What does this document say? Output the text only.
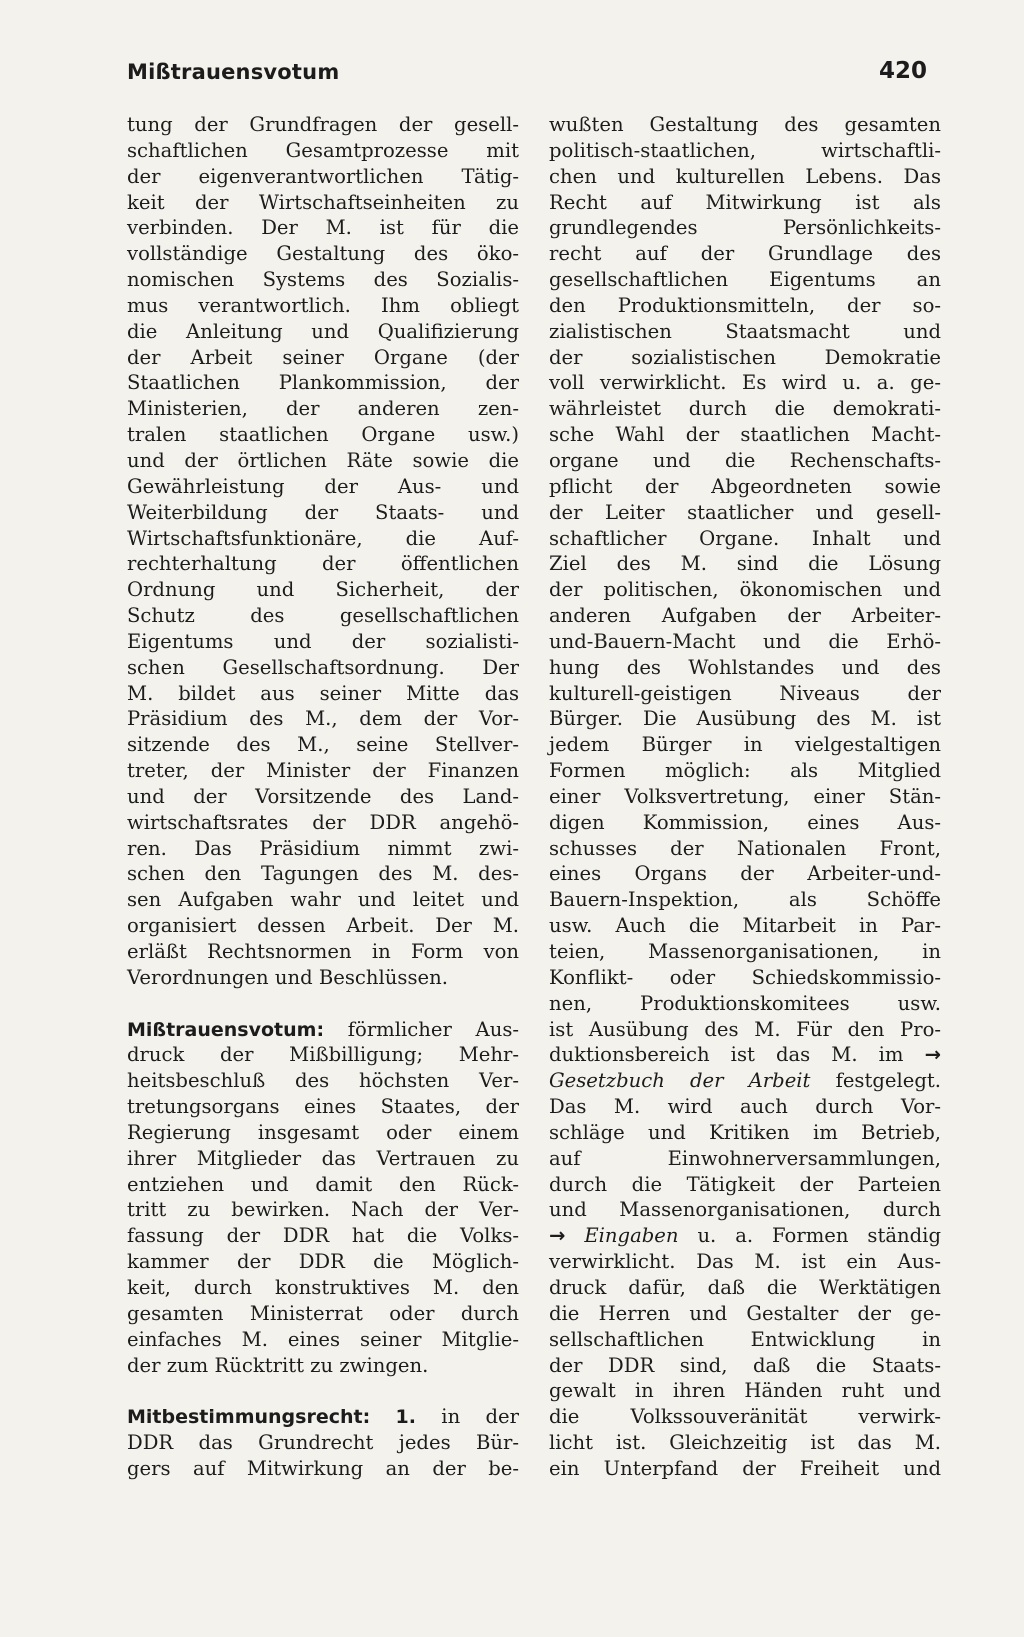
Mißtrauensvotum	420
tung der Grundfragen der gesell-
schaftlichen Gesamtprozesse mit
der eigenverantwortlichen Tätig-
keit der Wirtschaftseinheiten zu
verbinden. Der M. ist für die
vollständige Gestaltung des öko-
nomischen Systems des Sozialis-
mus verantwortlich. Ihm obliegt
die Anleitung und Qualifizierung
der Arbeit seiner Organe (der
Staatlichen Plankommission, der
Ministerien, der anderen zen-
tralen staatlichen Organe usw.)
und der örtlichen Räte sowie die
Gewährleistung der Aus- und
Weiterbildung der Staats- und
Wirtschaftsfunktionäre, die Auf-
rechterhaltung der öffentlichen
Ordnung und Sicherheit, der
Schutz des gesellschaftlichen
Eigentums und der sozialisti-
schen Gesellschaftsordnung. Der
M. bildet aus seiner Mitte das
Präsidium des M., dem der Vor-
sitzende des M., seine Stellver-
treter, der Minister der Finanzen
und der Vorsitzende des Land-
wirtschaftsrates der DDR angehö-
ren. Das Präsidium nimmt zwi-
schen den Tagungen des M. des-
sen Aufgaben wahr und leitet und
organisiert dessen Arbeit. Der M.
erläßt Rechtsnormen in Form von
Verordnungen und Beschlüssen.
Mißtrauensvotum: förmlicher Aus-
druck der Mißbilligung; Mehr-
heitsbeschluß des höchsten Ver-
tretungsorgans eines Staates, der
Regierung insgesamt oder einem
ihrer Mitglieder das Vertrauen zu
entziehen und damit den Rück-
tritt zu bewirken. Nach der Ver-
fassung der DDR hat die Volks-
kammer der DDR die Möglich-
keit, durch konstruktives M. den
gesamten Ministerrat oder durch
einfaches M. eines seiner Mitglie-
der zum Rücktritt zu zwingen.
Mitbestimmungsrecht: 1. in der
DDR das Grundrecht jedes Bür-
gers auf Mitwirkung an der be-
wußten Gestaltung des gesamten
politisch-staatlichen, wirtschaftli-
chen und kulturellen Lebens. Das
Recht auf Mitwirkung ist als
grundlegendes Persönlichkeits-
recht auf der Grundlage des
gesellschaftlichen Eigentums an
den Produktionsmitteln, der so-
zialistischen Staatsmacht und
der sozialistischen Demokratie
voll verwirklicht. Es wird u. a. ge-
währleistet durch die demokrati-
sche Wahl der staatlichen Macht-
organe und die Rechenschafts-
pflicht der Abgeordneten sowie
der Leiter staatlicher und gesell-
schaftlicher Organe. Inhalt und
Ziel des M. sind die Lösung
der politischen, ökonomischen und
anderen Aufgaben der Arbeiter-
und-Bauern-Macht und die Erhö-
hung des Wohlstandes und des
kulturell-geistigen Niveaus der
Bürger. Die Ausübung des M. ist
jedem Bürger in vielgestaltigen
Formen möglich: als Mitglied
einer Volksvertretung, einer Stän-
digen Kommission, eines Aus-
schusses der Nationalen Front,
eines Organs der Arbeiter-und-
Bauern-Inspektion, als Schöffe
usw. Auch die Mitarbeit in Par-
teien, Massenorganisationen, in
Konflikt- oder Schiedskommissio-
nen, Produktionskomitees usw.
ist Ausübung des M. Für den Pro-
duktionsbereich ist das M. im →
Gesetzbuch der Arbeit festgelegt.
Das M. wird auch durch Vor-
schläge und Kritiken im Betrieb,
auf Einwohnerversammlungen,
durch die Tätigkeit der Parteien
und Massenorganisationen, durch
→ Eingaben u. a. Formen ständig
verwirklicht. Das M. ist ein Aus-
druck dafür, daß die Werktätigen
die Herren und Gestalter der ge-
sellschaftlichen Entwicklung in
der DDR sind, daß die Staats-
gewalt in ihren Händen ruht und
die Volkssouveränität verwirk-
licht ist. Gleichzeitig ist das M.
ein Unterpfand der Freiheit und
